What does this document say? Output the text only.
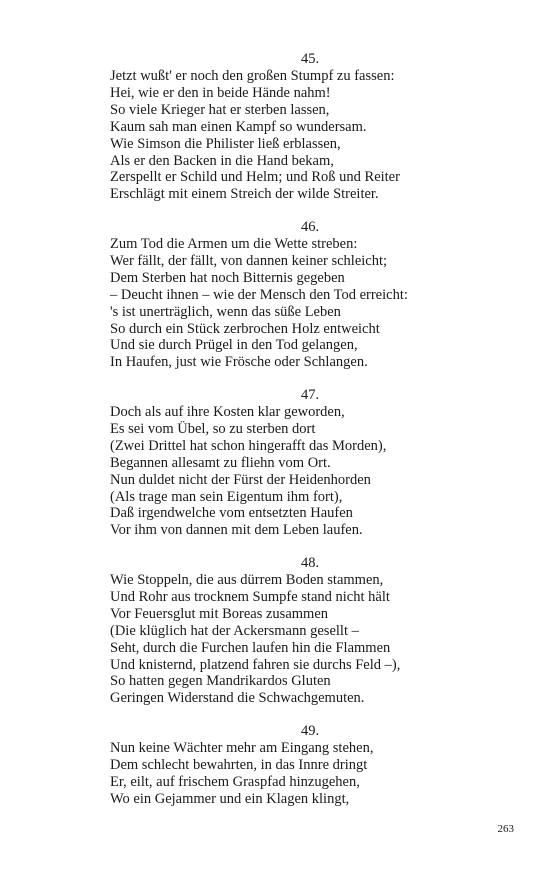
45.
Jetzt wußt' er noch den großen Stumpf zu fassen:
Hei, wie er den in beide Hände nahm!
So viele Krieger hat er sterben lassen,
Kaum sah man einen Kampf so wundersam.
Wie Simson die Philister ließ erblassen,
Als er den Backen in die Hand bekam,
Zerspellt er Schild und Helm; und Roß und Reiter
Erschlägt mit einem Streich der wilde Streiter.
46.
Zum Tod die Armen um die Wette streben:
Wer fällt, der fällt, von dannen keiner schleicht;
Dem Sterben hat noch Bitternis gegeben
– Deucht ihnen – wie der Mensch den Tod erreicht:
's ist unerträglich, wenn das süße Leben
So durch ein Stück zerbrochen Holz entweicht
Und sie durch Prügel in den Tod gelangen,
In Haufen, just wie Frösche oder Schlangen.
47.
Doch als auf ihre Kosten klar geworden,
Es sei vom Übel, so zu sterben dort
(Zwei Drittel hat schon hingerafft das Morden),
Begannen allesamt zu fliehn vom Ort.
Nun duldet nicht der Fürst der Heidenhorden
(Als trage man sein Eigentum ihm fort),
Daß irgendwelche vom entsetzten Haufen
Vor ihm von dannen mit dem Leben laufen.
48.
Wie Stoppeln, die aus dürrem Boden stammen,
Und Rohr aus trocknem Sumpfe stand nicht hält
Vor Feuersglut mit Boreas zusammen
(Die klüglich hat der Ackersmann gesellt –
Seht, durch die Furchen laufen hin die Flammen
Und knisternd, platzend fahren sie durchs Feld –),
So hatten gegen Mandrikardos Gluten
Geringen Widerstand die Schwachgemuten.
49.
Nun keine Wächter mehr am Eingang stehen,
Dem schlecht bewahrten, in das Innre dringt
Er, eilt, auf frischem Graspfad hinzugehen,
Wo ein Gejammer und ein Klagen klingt,
263
